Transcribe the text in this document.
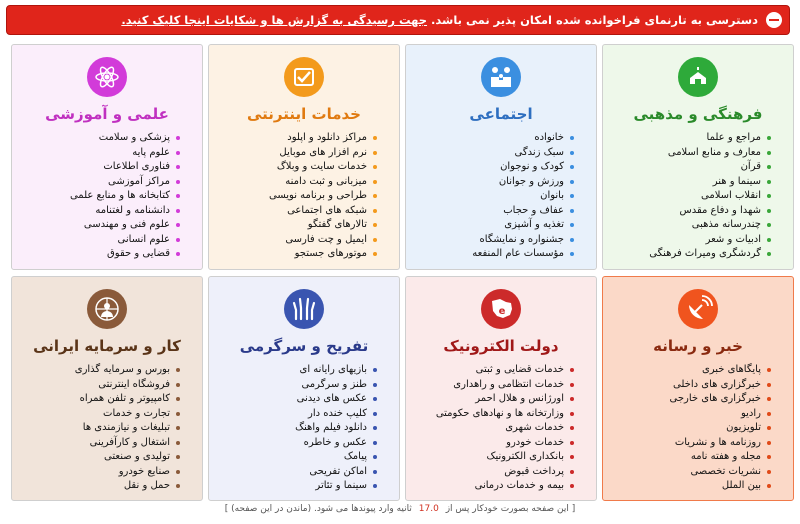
دسترسی به تارنمای فراخوانده شده امکان پذیر نمی باشد.
جهت رسیدگی به گزارش ها و شکایات اینجا کلیک کنید.
فرهنگی و مذهبی
مراجع و علما
معارف و منابع اسلامی
قرآن
سینما و هنر
انقلاب اسلامی
شهدا و دفاع مقدس
چندرسانه مذهبی
ادبیات و شعر
گردشگری ومیراث فرهنگی
اجتماعی
خانواده
سبک زندگی
کودک و نوجوان
ورزش و جوانان
بانوان
عفاف و حجاب
تغذیه و آشپزی
جشنواره و نمایشگاه
مؤسسات عام المنفعه
خدمات اینترنتی
مراکز دانلود و اپلود
نرم افزار های موبایل
خدمات سایت و وبلاگ
میزبانی و ثبت دامنه
طراحی و برنامه نویسی
شبکه های اجتماعی
تالارهای گفتگو
ایمیل و چت فارسی
موتورهای جستجو
علمی و آموزشی
پزشکی و سلامت
علوم پایه
فناوری اطلاعات
مراکز آموزشی
کتابخانه ها و منابع علمی
دانشنامه و لغتنامه
علوم فنی و مهندسی
علوم انسانی
قضایی و حقوق
خبر و رسانه
پایگاهای خبری
خبرگزاری های داخلی
خبرگزاری های خارجی
رادیو
تلویزیون
روزنامه ها و نشریات
مجله و هفته نامه
نشریات تخصصی
بین الملل
e
دولت الکترونیک
خدمات قضایی و ثبتی
خدمات انتظامی و راهداری
اورژانس و هلال احمر
وزارتخانه ها و نهادهای حکومتی
خدمات شهری
خدمات خودرو
بانکداری الکترونیک
پرداخت قبوض
بیمه و خدمات درمانی
تفریح و سرگرمی
بازیهای رایانه ای
طنز و سرگرمی
عکس های دیدنی
کلیپ خنده دار
دانلود فیلم واهنگ
عکس و خاطره
پیامک
اماکن تفریحی
سینما و تئاتر
کار و سرمایه ایرانی
بورس و سرمایه گذاری
فروشگاه اینترنتی
کامپیوتر و تلفن همراه
تجارت و خدمات
تبلیغات و نیازمندی ها
اشتغال و کارآفرینی
تولیدی و صنعتی
صنایع خودرو
حمل و نقل
[ این صفحه بصورت خودکار پس از 17.0 ثانیه وارد پیوندها می شود. (ماندن در این صفحه) ]
